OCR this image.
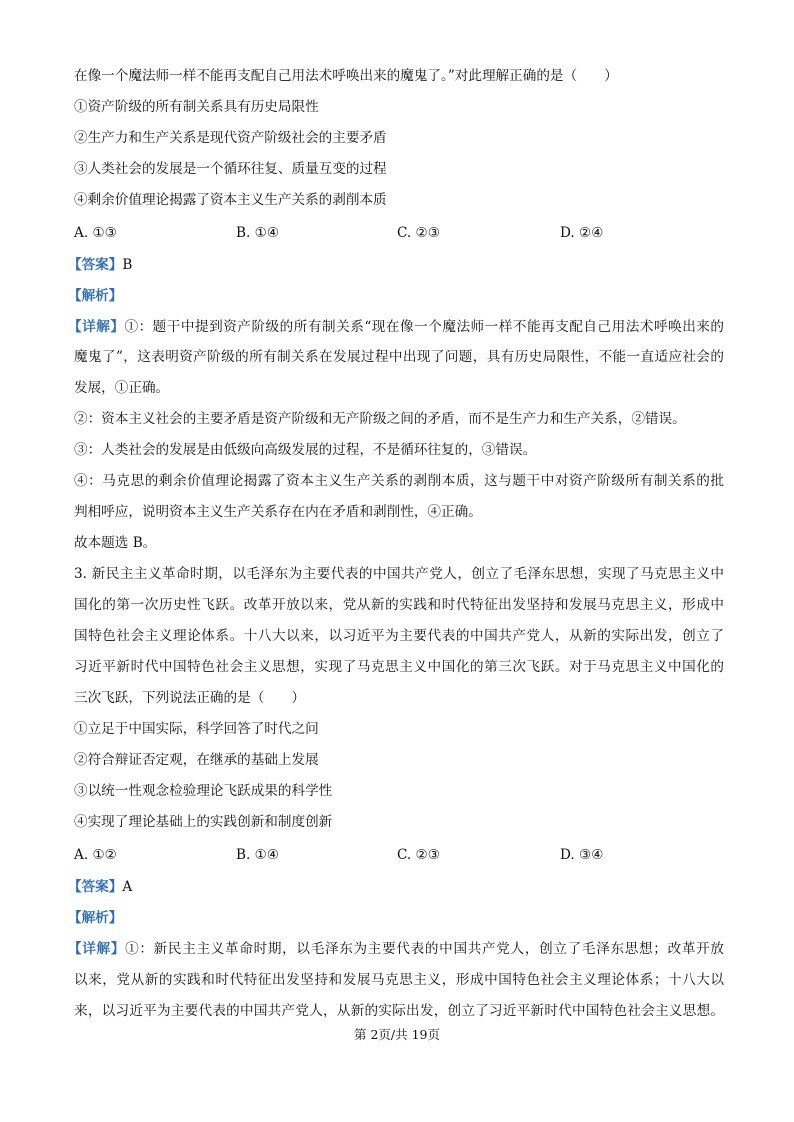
在像一个魔法师一样不能再支配自己用法术呼唤出来的魔鬼了。”对此理解正确的是（　　）
①资产阶级的所有制关系具有历史局限性
②生产力和生产关系是现代资产阶级社会的主要矛盾
③人类社会的发展是一个循环往复、质量互变的过程
④剩余价值理论揭露了资本主义生产关系的剥削本质
A. ①③	B. ①④	C. ②③	D. ②④
【答案】B
【解析】
【详解】①：题干中提到资产阶级的所有制关系“现在像一个魔法师一样不能再支配自己用法术呼唤出来的
魔鬼了”，这表明资产阶级的所有制关系在发展过程中出现了问题，具有历史局限性，不能一直适应社会的
发展，①正确。
②：资本主义社会的主要矛盾是资产阶级和无产阶级之间的矛盾，而不是生产力和生产关系，②错误。
③：人类社会的发展是由低级向高级发展的过程，不是循环往复的，③错误。
④：马克思的剩余价值理论揭露了资本主义生产关系的剥削本质，这与题干中对资产阶级所有制关系的批
判相呼应，说明资本主义生产关系存在内在矛盾和剥削性，④正确。
故本题选 B。
3. 新民主主义革命时期，以毛泽东为主要代表的中国共产党人，创立了毛泽东思想，实现了马克思主义中
国化的第一次历史性飞跃。改革开放以来，党从新的实践和时代特征出发坚持和发展马克思主义，形成中
国特色社会主义理论体系。十八大以来，以习近平为主要代表的中国共产党人，从新的实际出发，创立了
习近平新时代中国特色社会主义思想，实现了马克思主义中国化的第三次飞跃。对于马克思主义中国化的
三次飞跃，下列说法正确的是（　　）
①立足于中国实际，科学回答了时代之问
②符合辩证否定观，在继承的基础上发展
③以统一性观念检验理论飞跃成果的科学性
④实现了理论基础上的实践创新和制度创新
A. ①②	B. ①④	C. ②③	D. ③④
【答案】A
【解析】
【详解】①：新民主主义革命时期，以毛泽东为主要代表的中国共产党人，创立了毛泽东思想；改革开放
以来，党从新的实践和时代特征出发坚持和发展马克思主义，形成中国特色社会主义理论体系；十八大以
来，以习近平为主要代表的中国共产党人，从新的实际出发，创立了习近平新时代中国特色社会主义思想。
第 2页/共 19页
